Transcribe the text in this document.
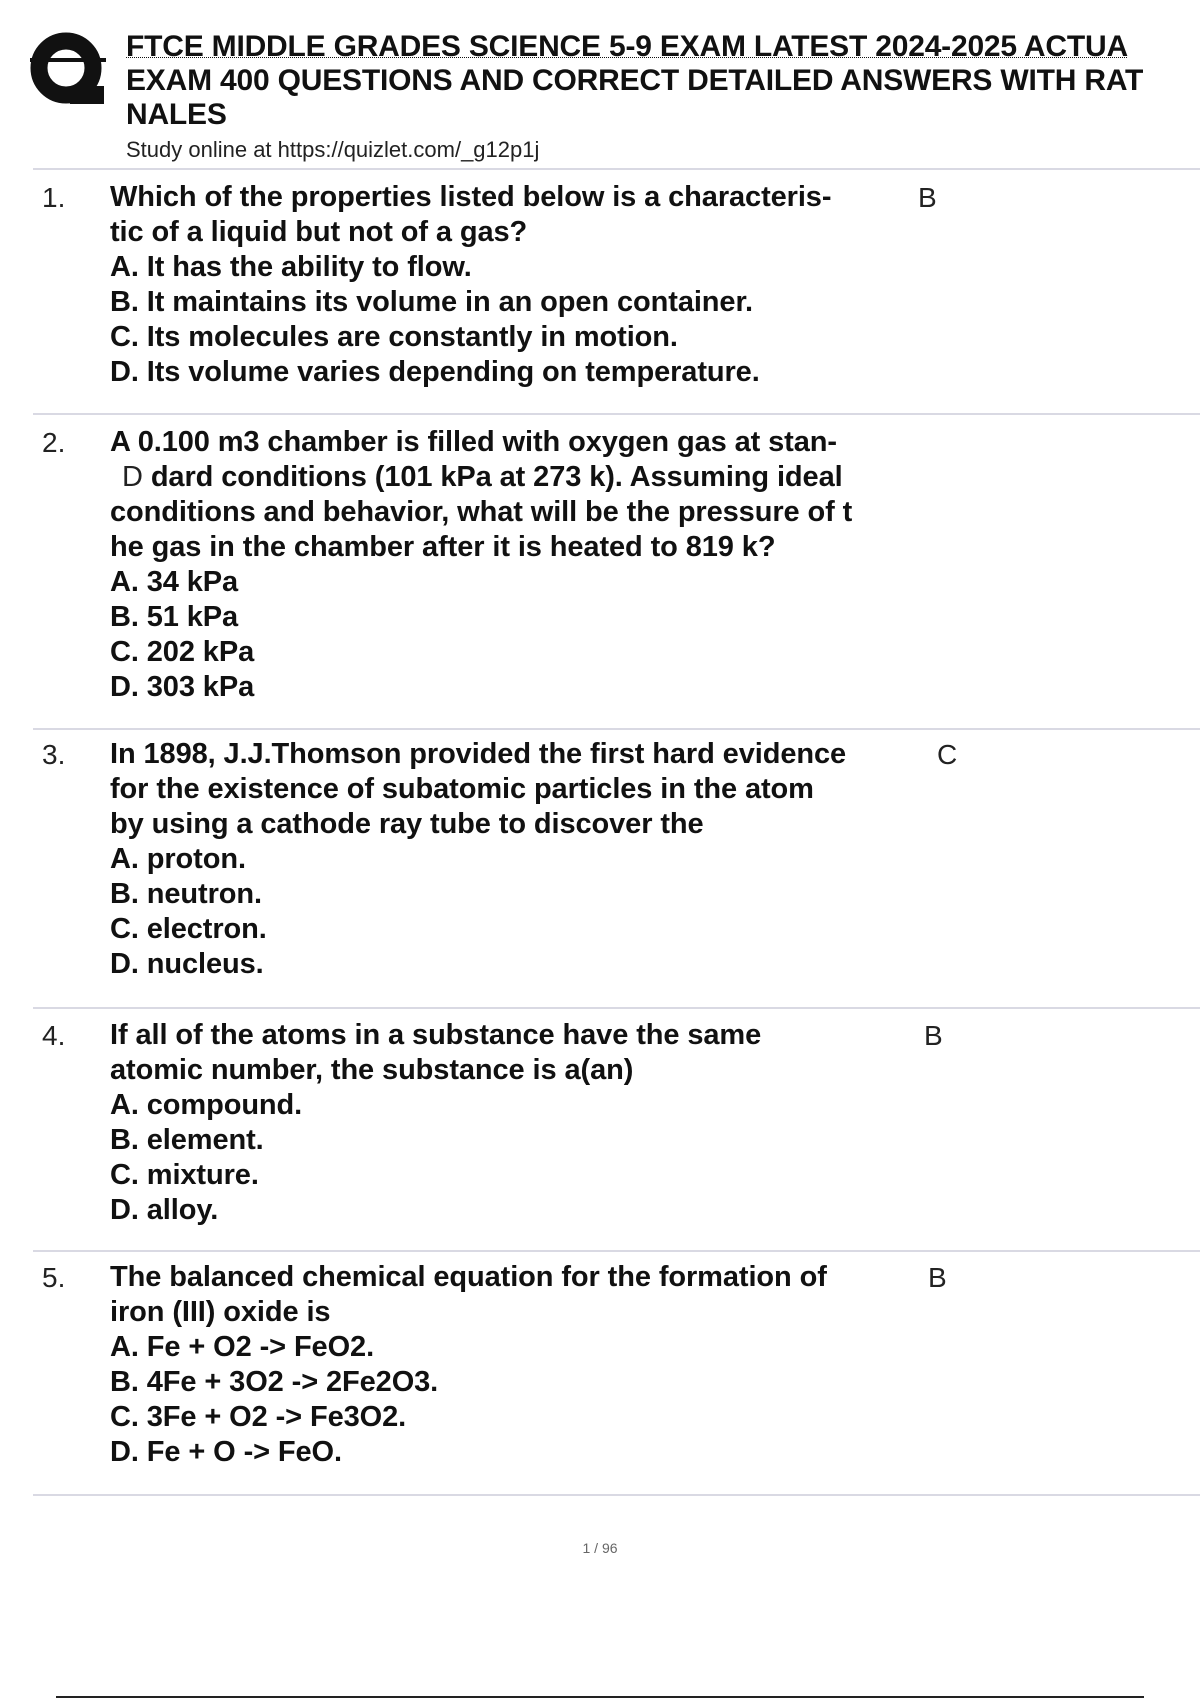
FTCE MIDDLE GRADES SCIENCE 5-9 EXAM LATEST 2024-2025 ACTUA
EXAM 400 QUESTIONS AND CORRECT DETAILED ANSWERS WITH RAT
NALES
Study online at https://quizlet.com/_g12p1j
1. Which of the properties listed below is a characteris-
tic of a liquid but not of a gas?
A. It has the ability to flow.
B. It maintains its volume in an open container.
C. Its molecules are constantly in motion.
D. Its volume varies depending on temperature.
B
2. A 0.100 m3 chamber is filled with oxygen gas at stan-
D dard conditions (101 kPa at 273 k). Assuming ideal
conditions and behavior, what will be the pressure of t
he gas in the chamber after it is heated to 819 k?
A. 34 kPa
B. 51 kPa
C. 202 kPa
D. 303 kPa
3. In 1898, J.J.Thomson provided the first hard evidence
for the existence of subatomic particles in the atom
by using a cathode ray tube to discover the
A. proton.
B. neutron.
C. electron.
D. nucleus.
C
4. If all of the atoms in a substance have the same
atomic number, the substance is a(an)
A. compound.
B. element.
C. mixture.
D. alloy.
B
5. The balanced chemical equation for the formation of
iron (III) oxide is
A. Fe + O2 -> FeO2.
B. 4Fe + 3O2 -> 2Fe2O3.
C. 3Fe + O2 -> Fe3O2.
D. Fe + O -> FeO.
B
1 / 96
